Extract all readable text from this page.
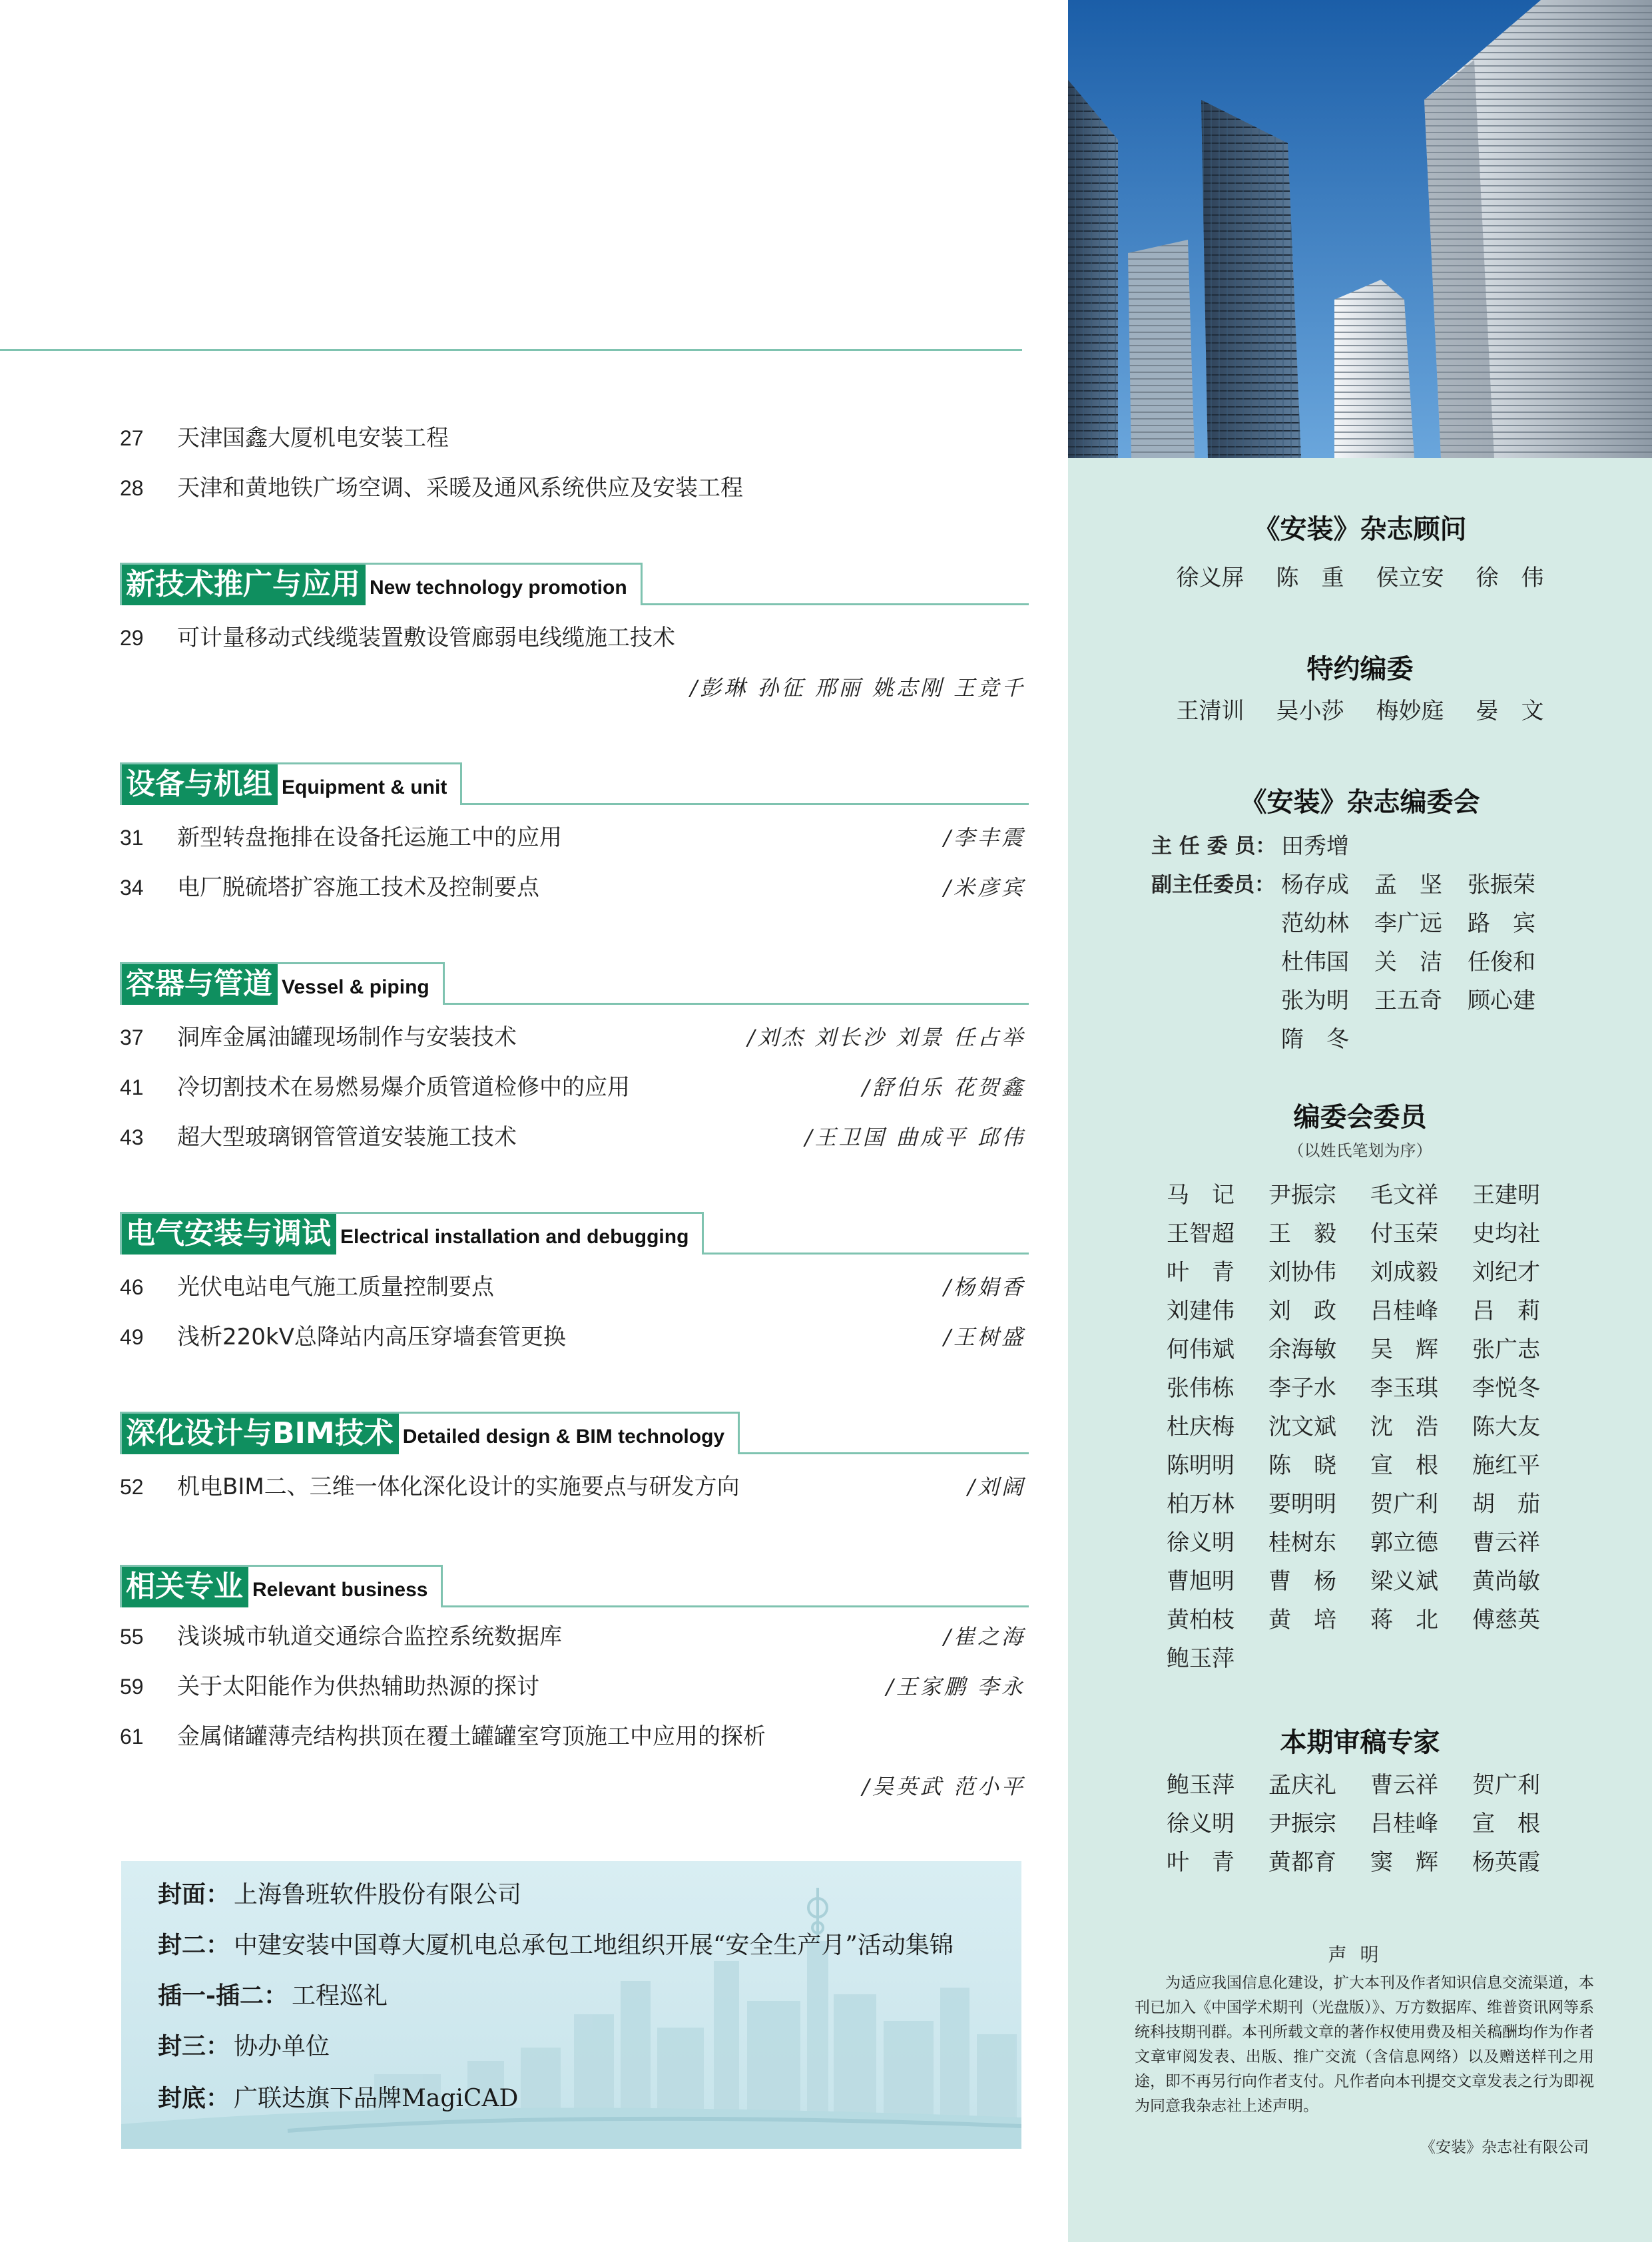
27	天津国鑫大厦机电安装工程
28	天津和黄地铁广场空调、采暖及通风系统供应及安装工程
新技术推广与应用 New technology promotion
29	可计量移动式线缆装置敷设管廊弱电线缆施工技术
/彭琳 孙征 邢丽 姚志刚 王竞千
设备与机组 Equipment & unit
31	新型转盘拖排在设备托运施工中的应用	/李丰震
34	电厂脱硫塔扩容施工技术及控制要点	/米彦宾
容器与管道 Vessel & piping
37	洞库金属油罐现场制作与安装技术	/刘杰 刘长沙 刘景 任占举
41	冷切割技术在易燃易爆介质管道检修中的应用	/舒伯乐 花贺鑫
43	超大型玻璃钢管管道安装施工技术	/王卫国 曲成平 邱伟
电气安装与调试 Electrical installation and debugging
46	光伏电站电气施工质量控制要点	/杨娟香
49	浅析220kV总降站内高压穿墙套管更换	/王树盛
深化设计与BIM技术 Detailed design & BIM technology
52	机电BIM二、三维一体化深化设计的实施要点与研发方向	/刘阔
相关专业 Relevant business
55	浅谈城市轨道交通综合监控系统数据库	/崔之海
59	关于太阳能作为供热辅助热源的探讨	/王家鹏 李永
61	金属储罐薄壳结构拱顶在覆土罐罐室穹顶施工中应用的探析
/吴英武 范小平
封面： 上海鲁班软件股份有限公司
封二： 中建安装中国尊大厦机电总承包工地组织开展“安全生产月”活动集锦
插一-插二： 工程巡礼
封三： 协办单位
封底： 广联达旗下品牌MagiCAD
《安装》杂志顾问
徐义屏 陈　重 侯立安 徐　伟
特约编委
王清训 吴小莎 梅妙庭 晏　文
《安装》杂志编委会
主 任 委 员： 田秀增
副主任委员： 杨存成 孟　坚 张振荣
范幼林 李广远 路　宾
杜伟国 关　洁 任俊和
张为明 王五奇 顾心建
隋　冬
编委会委员
（以姓氏笔划为序）
马　记 尹振宗 毛文祥 王建明
王智超 王　毅 付玉荣 史均社
叶　青 刘协伟 刘成毅 刘纪才
刘建伟 刘　政 吕桂峰 吕　莉
何伟斌 余海敏 吴　辉 张广志
张伟栋 李子水 李玉琪 李悦冬
杜庆梅 沈文斌 沈　浩 陈大友
陈明明 陈　晓 宣　根 施红平
柏万林 要明明 贺广利 胡　茄
徐义明 桂树东 郭立德 曹云祥
曹旭明 曹　杨 梁义斌 黄尚敏
黄柏枝 黄　培 蒋　北 傅慈英
鲍玉萍
本期审稿专家
鲍玉萍 孟庆礼 曹云祥 贺广利
徐义明 尹振宗 吕桂峰 宣　根
叶　青 黄都育 窦　辉 杨英霞
声明
为适应我国信息化建设，扩大本刊及作者知识信息交流渠道，本刊已加入《中国学术期刊（光盘版）》、万方数据库、维普资讯网等系统科技期刊群。本刊所载文章的著作权使用费及相关稿酬均作为作者文章审阅发表、出版、推广交流（含信息网络）以及赠送样刊之用途，即不再另行向作者支付。凡作者向本刊提交文章发表之行为即视为同意我杂志社上述声明。
《安装》杂志社有限公司
